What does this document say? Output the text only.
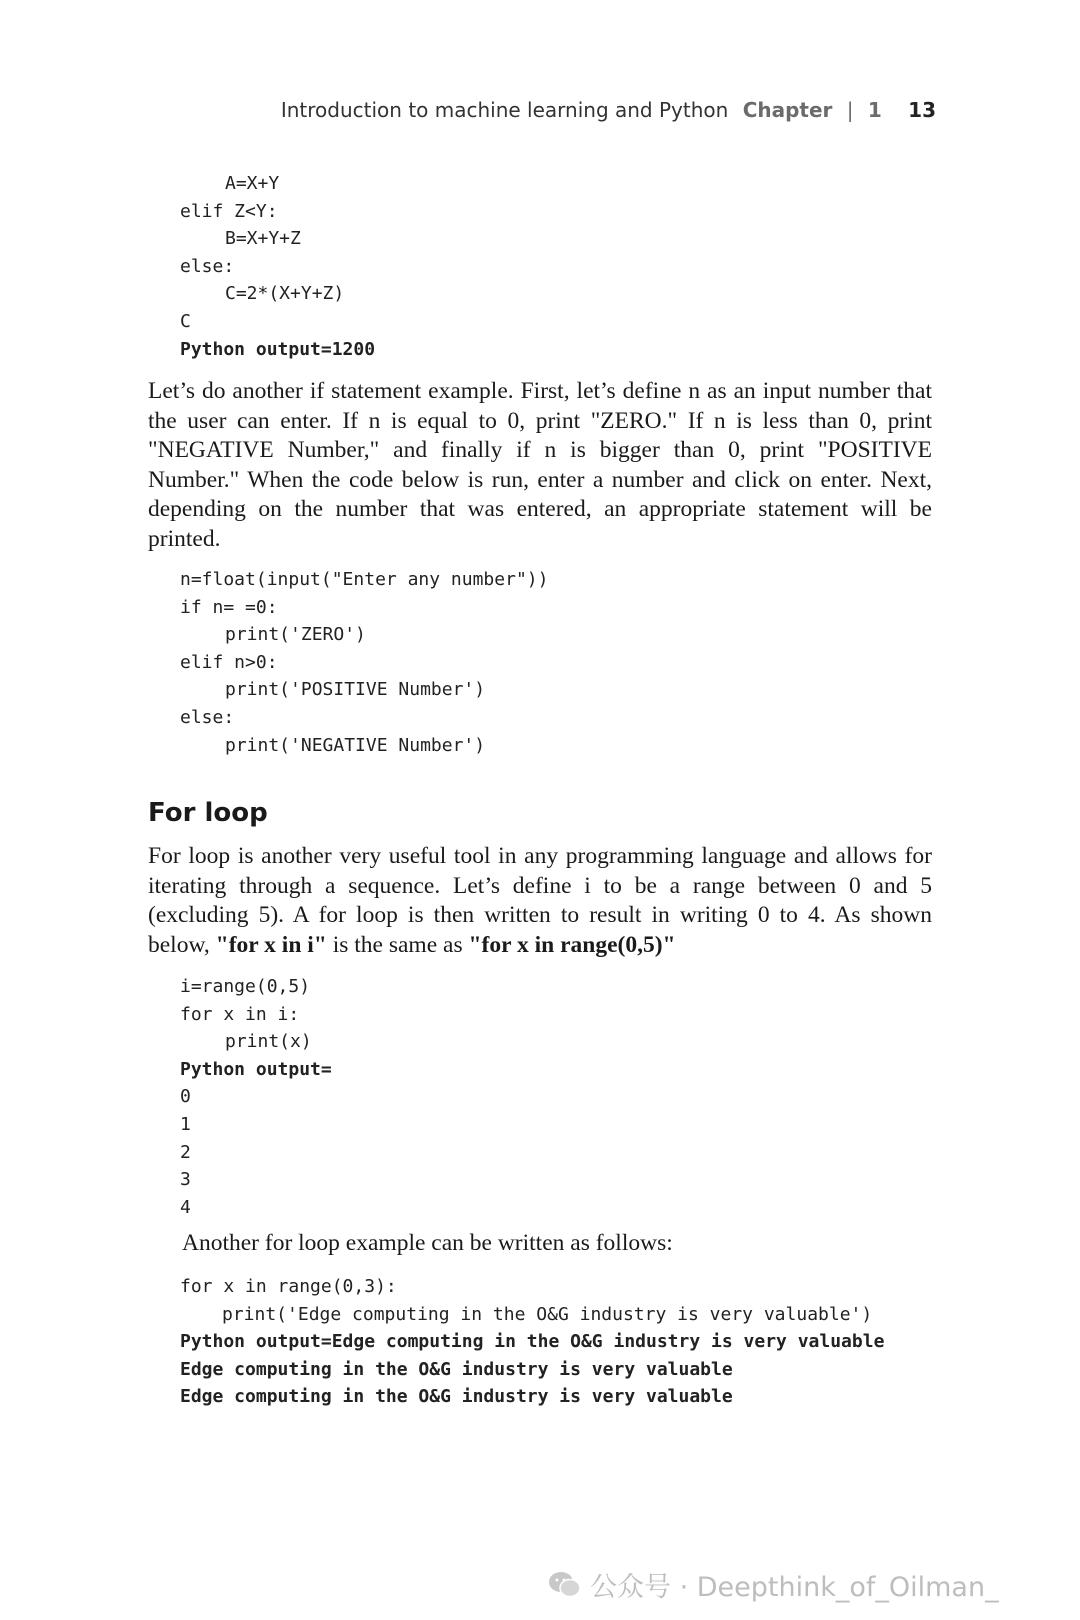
Introduction to machine learning and Python Chapter | 1 13
A=X+Y
elif Z<Y:
B=X+Y+Z
else:
C=2*(X+Y+Z)
C
Python output=1200

Let’s do another if statement example. First, let’s define n as an input number that the user can enter. If n is equal to 0, print "ZERO." If n is less than 0, print "NEGATIVE Number," and finally if n is bigger than 0, print "POSITIVE Number." When the code below is run, enter a number and click on enter. Next, depending on the number that was entered, an appropriate statement will be printed.

n=float(input("Enter any number"))
if n= =0:
print('ZERO')
elif n>0:
print('POSITIVE Number')
else:
print('NEGATIVE Number')
For loop

For loop is another very useful tool in any programming language and allows for iterating through a sequence. Let’s define i to be a range between 0 and 5 (excluding 5). A for loop is then written to result in writing 0 to 4. As shown below, "for x in i" is the same as "for x in range(0,5)"

i=range(0,5)
for x in i:
print(x)
Python output=
0
1
2
3
4

Another for loop example can be written as follows:

for x in range(0,3):
print('Edge computing in the O&G industry is very valuable')
Python output=Edge computing in the O&G industry is very valuable
Edge computing in the O&G industry is very valuable
Edge computing in the O&G industry is very valuable
公众号 · Deepthink_of_Oilman_
